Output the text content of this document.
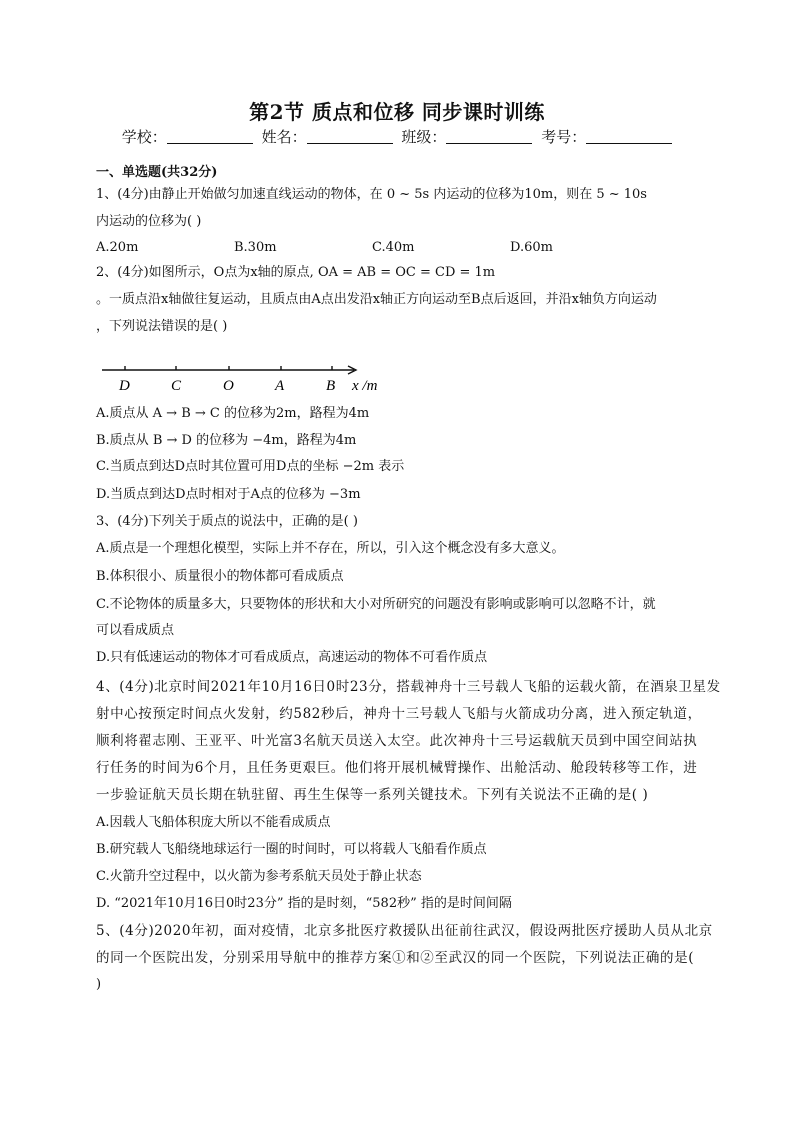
第2节 质点和位移 同步课时训练
学校：	姓名：	班级：	考号：
一、单选题(共32分)
1、(4分)由静止开始做匀加速直线运动的物体，在 0 ~ 5s 内运动的位移为10m，则在 5 ~ 10s
内运动的位移为( )
A.20m	B.30m	C.40m	D.60m
2、(4分)如图所示，O点为x轴的原点, OA = AB = OC = CD = 1m
。一质点沿x轴做往复运动，且质点由A点出发沿x轴正方向运动至B点后返回，并沿x轴负方向运动
，下列说法错误的是( )
D	C	O	A	B x /m
A.质点从 A → B → C 的位移为2m，路程为4m
B.质点从 B → D 的位移为 −4m，路程为4m
C.当质点到达D点时其位置可用D点的坐标 −2m 表示
D.当质点到达D点时相对于A点的位移为 −3m
3、(4分)下列关于质点的说法中，正确的是( )
A.质点是一个理想化模型，实际上并不存在，所以，引入这个概念没有多大意义。
B.体积很小、质量很小的物体都可看成质点
C.不论物体的质量多大，只要物体的形状和大小对所研究的问题没有影响或影响可以忽略不计，就
可以看成质点
D.只有低速运动的物体才可看成质点，高速运动的物体不可看作质点
4、(4分)北京时间2021年10月16日0时23分，搭载神舟十三号载人飞船的运载火箭，在酒泉卫星发
射中心按预定时间点火发射，约582秒后，神舟十三号载人飞船与火箭成功分离，进入预定轨道，
顺利将翟志刚、王亚平、叶光富3名航天员送入太空。此次神舟十三号运载航天员到中国空间站执
行任务的时间为6个月，且任务更艰巨。他们将开展机械臂操作、出舱活动、舱段转移等工作，进
一步验证航天员长期在轨驻留、再生生保等一系列关键技术。下列有关说法不正确的是( )
A.因载人飞船体积庞大所以不能看成质点
B.研究载人飞船绕地球运行一圈的时间时，可以将载人飞船看作质点
C.火箭升空过程中，以火箭为参考系航天员处于静止状态
D. “2021年10月16日0时23分” 指的是时刻，“582秒” 指的是时间间隔
5、(4分)2020年初，面对疫情，北京多批医疗救援队出征前往武汉，假设两批医疗援助人员从北京
的同一个医院出发，分别采用导航中的推荐方案①和②至武汉的同一个医院，下列说法正确的是(
)
